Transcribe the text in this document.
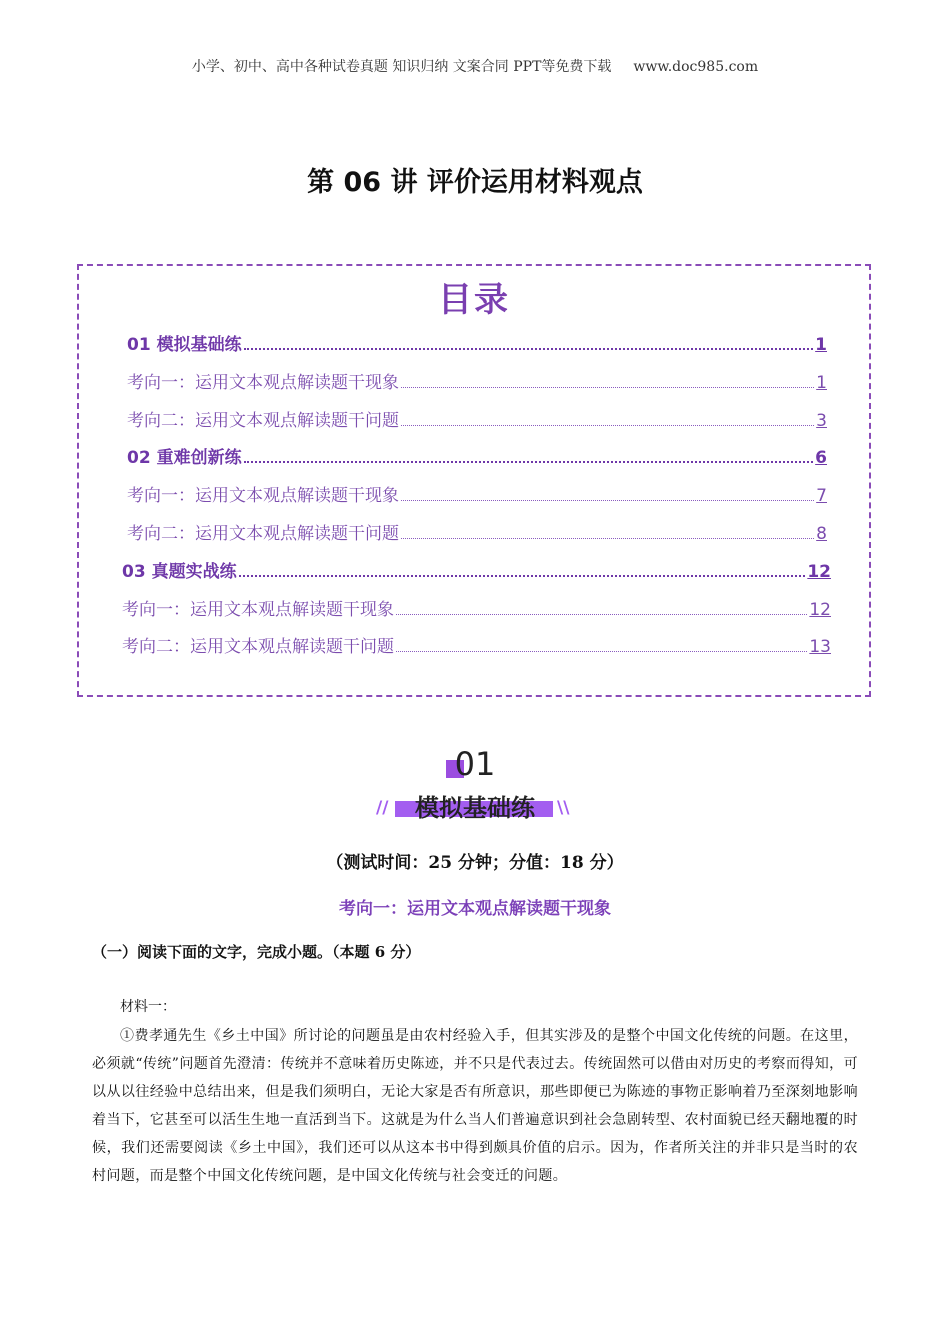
小学、初中、高中各种试卷真题 知识归纳 文案合同 PPT等免费下载 www.doc985.com
第 06 讲 评价运用材料观点
目录
01 模拟基础练	1
考向一：运用文本观点解读题干现象	1
考向二：运用文本观点解读题干问题	3
02 重难创新练	6
考向一：运用文本观点解读题干现象	7
考向二：运用文本观点解读题干问题	8
03 真题实战练	12
考向一：运用文本观点解读题干现象	12
考向二：运用文本观点解读题干问题	13
01
//	模拟基础练	\\
（测试时间：25 分钟；分值：18 分）
考向一：运用文本观点解读题干现象
（一）阅读下面的文字，完成小题。（本题 6 分）
材料一：
①费孝通先生《乡土中国》所讨论的问题虽是由农村经验入手，但其实涉及的是整个中国文化传统的问题。在这里，必须就“传统”问题首先澄清：传统并不意味着历史陈迹，并不只是代表过去。传统固然可以借由对历史的考察而得知，可以从以往经验中总结出来，但是我们须明白，无论大家是否有所意识，那些即便已为陈迹的事物正影响着乃至深刻地影响着当下，它甚至可以活生生地一直活到当下。这就是为什么当人们普遍意识到社会急剧转型、农村面貌已经天翻地覆的时候，我们还需要阅读《乡土中国》，我们还可以从这本书中得到颇具价值的启示。因为，作者所关注的并非只是当时的农村问题，而是整个中国文化传统问题，是中国文化传统与社会变迁的问题。
